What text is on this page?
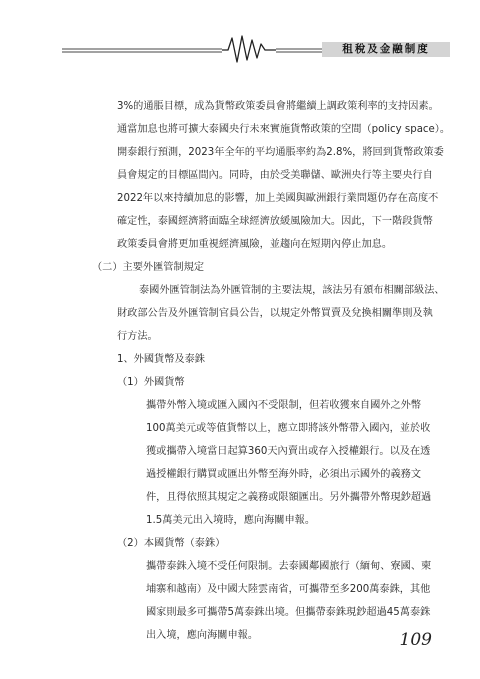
租稅及金融制度
3%的通脹目標，成為貨幣政策委員會將繼續上調政策利率的支持因素。
通當加息也將可擴大泰國央行未來實施貨幣政策的空間（policy space）。
開泰銀行預測，2023年全年的平均通脹率約為2.8%，將回到貨幣政策委
員會規定的目標區間內。同時，由於受美聯儲、歐洲央行等主要央行自
2022年以來持續加息的影響，加上美國與歐洲銀行業問題仍存在高度不
確定性，泰國經濟將面臨全球經濟放緩風險加大。因此，下一階段貨幣
政策委員會將更加重視經濟風險，並趨向在短期內停止加息。
（二）主要外匯管制規定
泰國外匯管制法為外匯管制的主要法規，該法另有頒布相關部級法、
財政部公告及外匯管制官員公告，以規定外幣買賣及兌換相關準則及執
行方法。
1、外國貨幣及泰銖
（1）外國貨幣
攜帶外幣入境或匯入國內不受限制，但若收獲來自國外之外幣
100萬美元或等值貨幣以上，應立即將該外幣帶入國內，並於收
獲或攜帶入境當日起算360天內賣出或存入授權銀行。以及在透
過授權銀行購買或匯出外幣至海外時，必須出示國外的義務文
件，且得依照其規定之義務或限額匯出。另外攜帶外幣現鈔超過
1.5萬美元出入境時，應向海關申報。
（2）本國貨幣（泰銖）
攜帶泰銖入境不受任何限制。去泰國鄰國旅行（緬甸、寮國、柬
埔寨和越南）及中國大陸雲南省，可攜帶至多200萬泰銖，其他
國家則最多可攜帶5萬泰銖出境。但攜帶泰銖現鈔超過45萬泰銖
出入境，應向海關申報。	109
